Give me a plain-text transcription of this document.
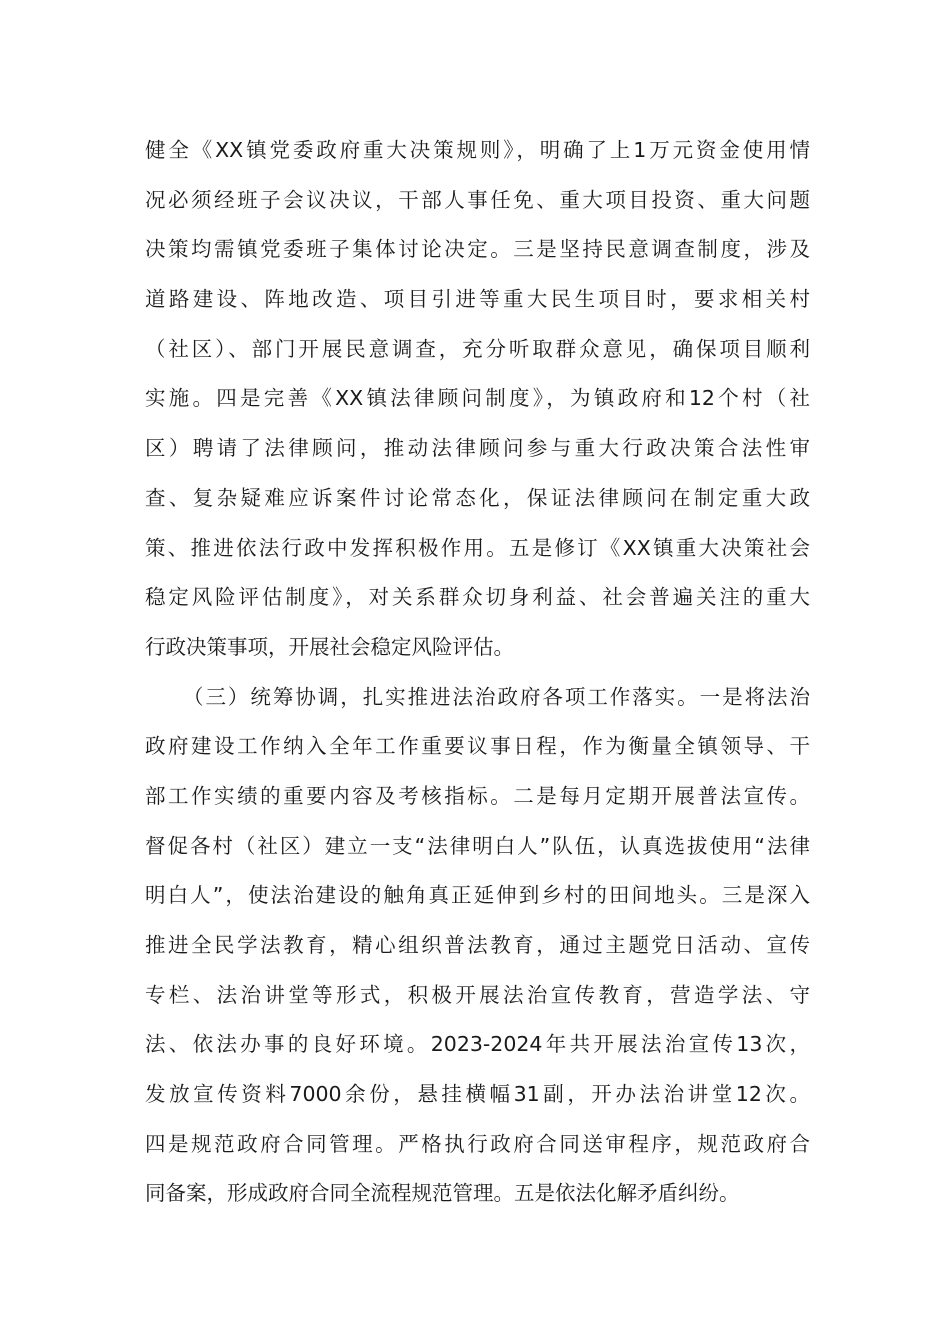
健全《XX镇党委政府重大决策规则》，明确了上1万元资金使用情
况必须经班子会议决议，干部人事任免、重大项目投资、重大问题
决策均需镇党委班子集体讨论决定。三是坚持民意调查制度，涉及
道路建设、阵地改造、项目引进等重大民生项目时，要求相关村
（社区）、部门开展民意调查，充分听取群众意见，确保项目顺利
实施。四是完善《XX镇法律顾问制度》，为镇政府和12个村（社
区）聘请了法律顾问，推动法律顾问参与重大行政决策合法性审
查、复杂疑难应诉案件讨论常态化，保证法律顾问在制定重大政
策、推进依法行政中发挥积极作用。五是修订《XX镇重大决策社会
稳定风险评估制度》，对关系群众切身利益、社会普遍关注的重大
行政决策事项，开展社会稳定风险评估。
（三）统筹协调，扎实推进法治政府各项工作落实。一是将法治
政府建设工作纳入全年工作重要议事日程，作为衡量全镇领导、干
部工作实绩的重要内容及考核指标。二是每月定期开展普法宣传。
督促各村（社区）建立一支“法律明白人”队伍，认真选拔使用“法律
明白人”，使法治建设的触角真正延伸到乡村的田间地头。三是深入
推进全民学法教育，精心组织普法教育，通过主题党日活动、宣传
专栏、法治讲堂等形式，积极开展法治宣传教育，营造学法、守
法、依法办事的良好环境。2023-2024年共开展法治宣传13次，
发放宣传资料7000余份，悬挂横幅31副，开办法治讲堂12次。
四是规范政府合同管理。严格执行政府合同送审程序，规范政府合
同备案，形成政府合同全流程规范管理。五是依法化解矛盾纠纷。
